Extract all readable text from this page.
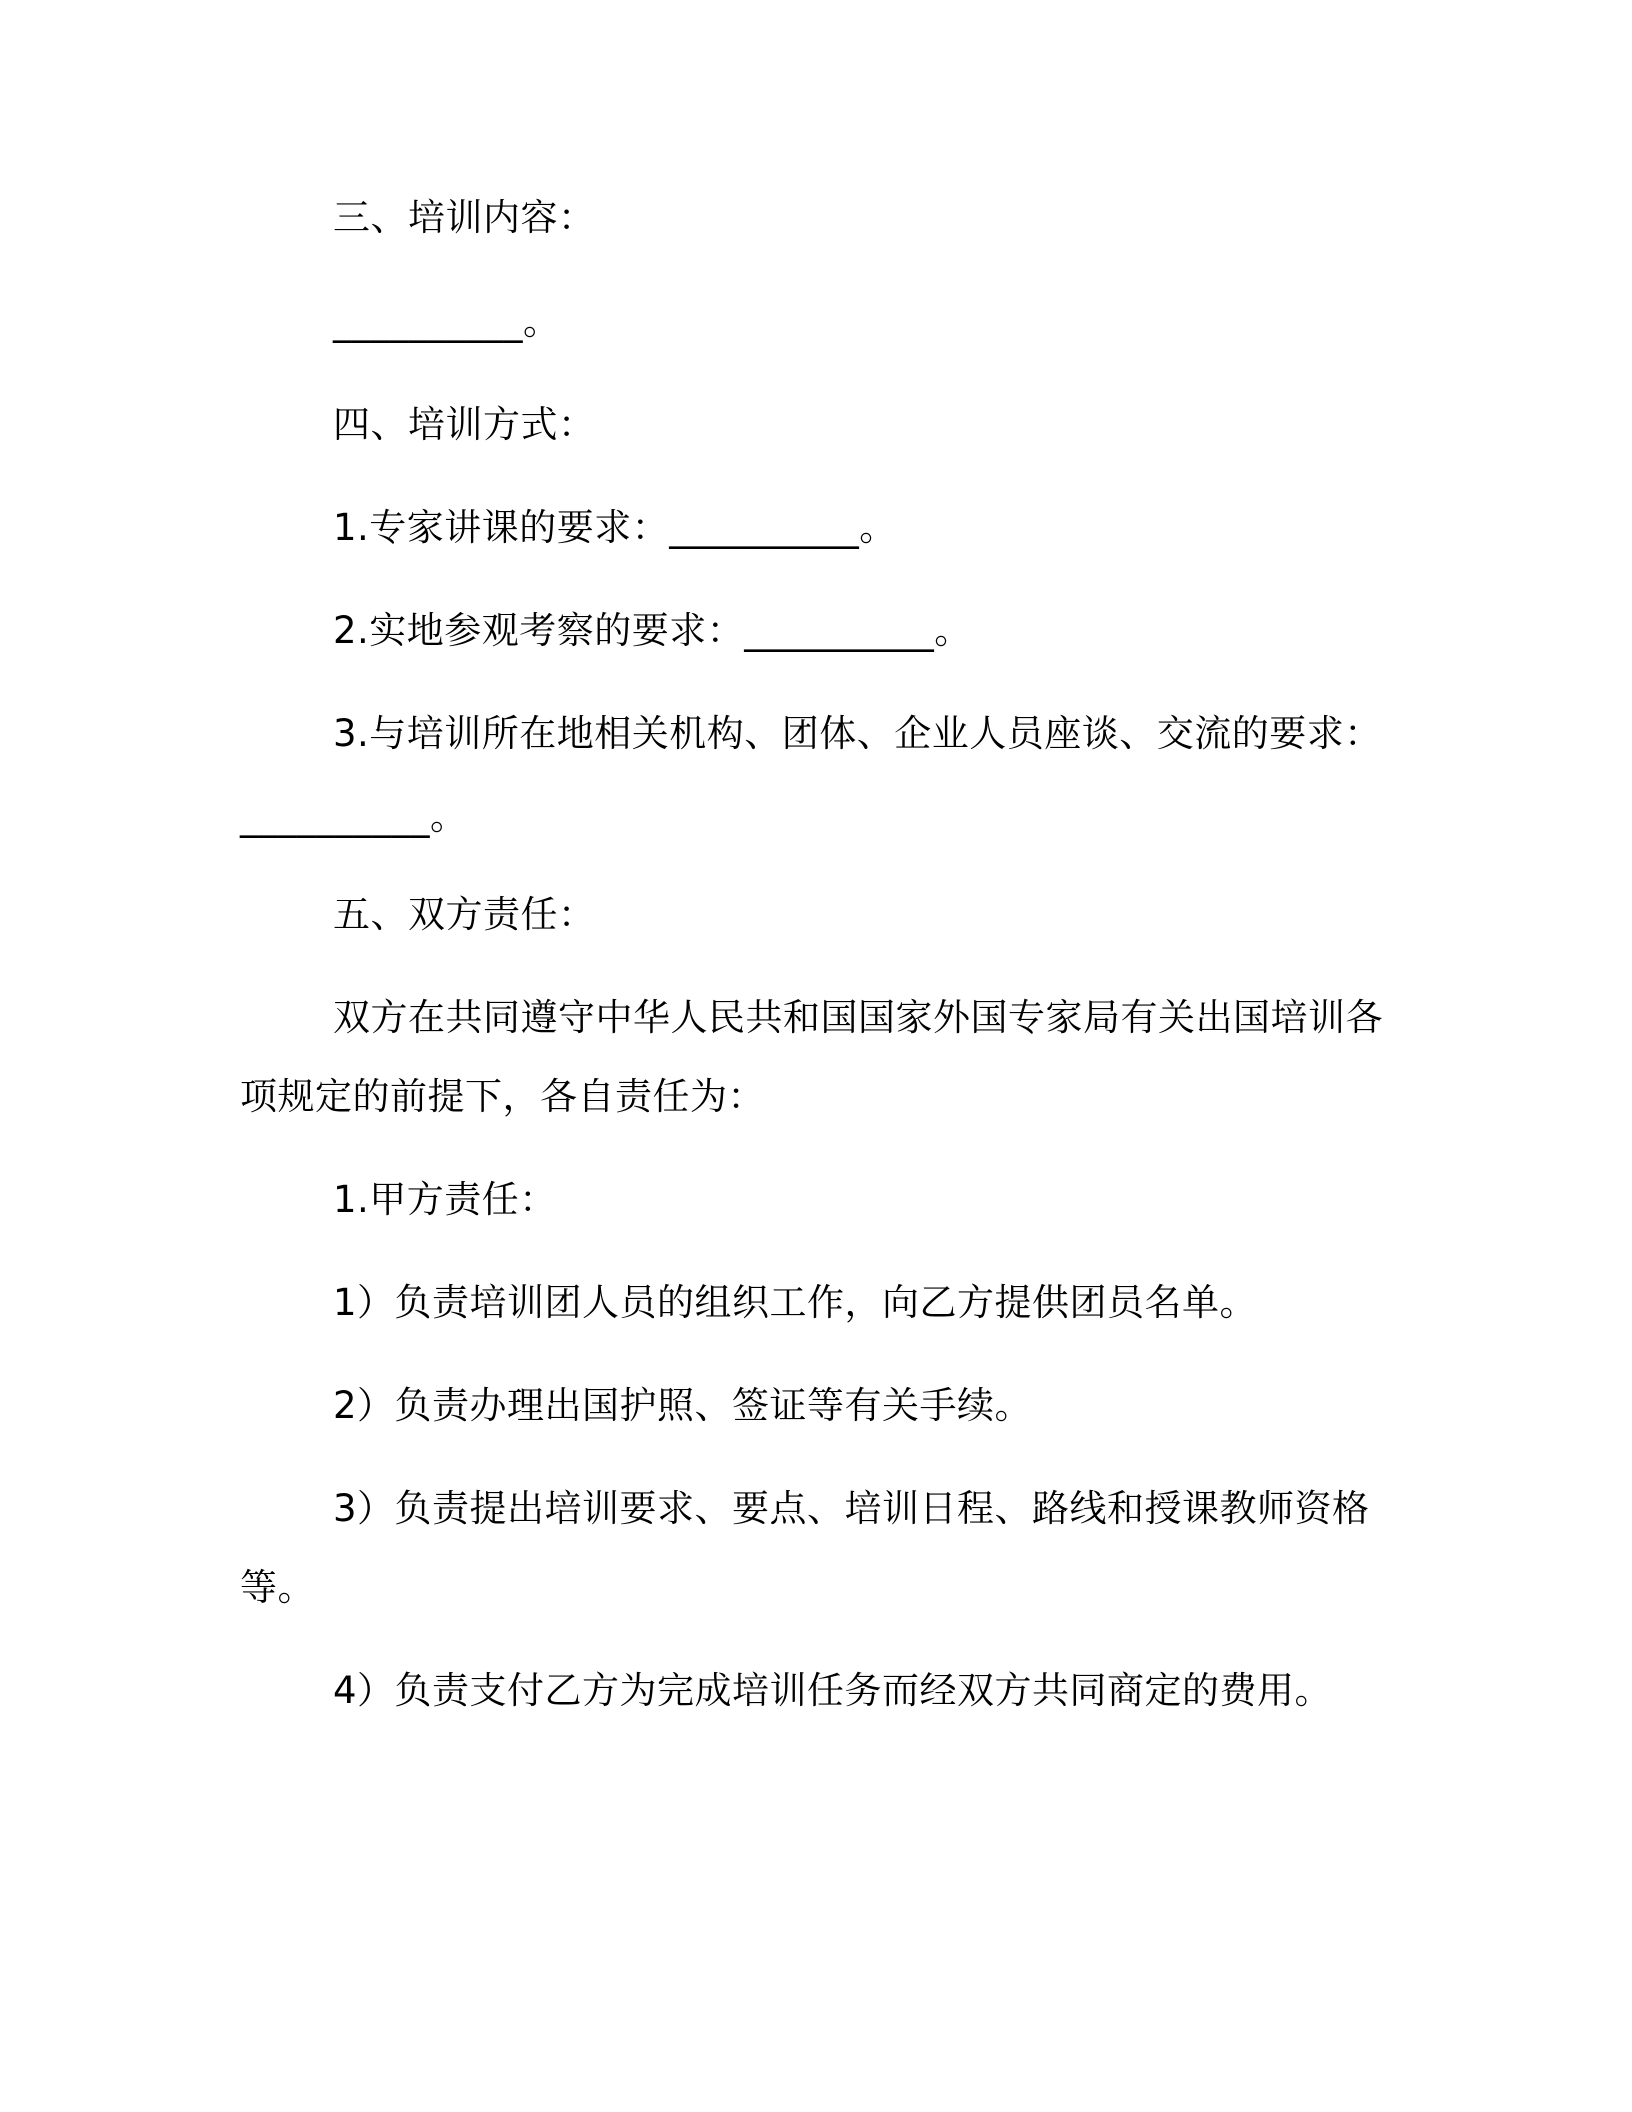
三、培训内容：
__________。
四、培训方式：
1.专家讲课的要求：__________。
2.实地参观考察的要求：__________。
3.与培训所在地相关机构、团体、企业人员座谈、交流的要求：
__________。
五、双方责任：
双方在共同遵守中华人民共和国国家外国专家局有关出国培训各
项规定的前提下，各自责任为：
1.甲方责任：
1）负责培训团人员的组织工作，向乙方提供团员名单。
2）负责办理出国护照、签证等有关手续。
3）负责提出培训要求、要点、培训日程、路线和授课教师资格
等。
4）负责支付乙方为完成培训任务而经双方共同商定的费用。
